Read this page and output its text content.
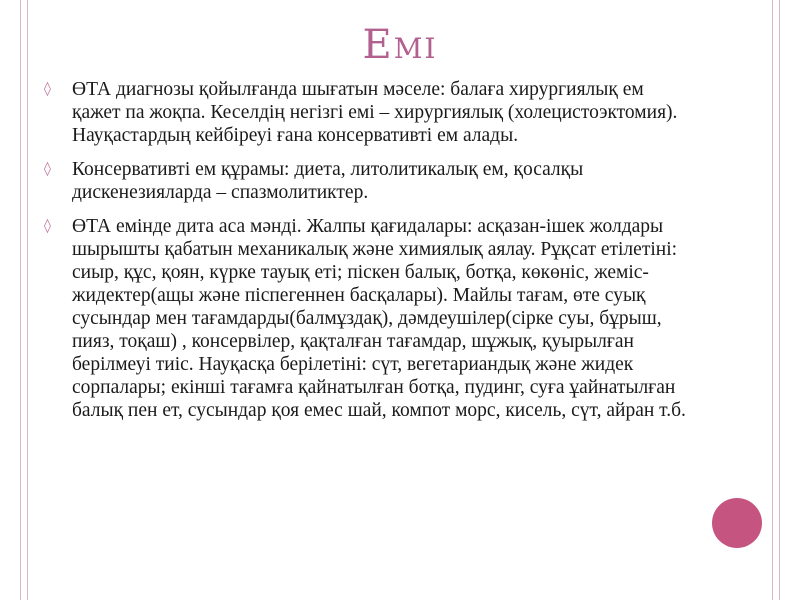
Емі
◊ ӨТА диагнозы қойылғанда шығатын мәселе: балаға хирургиялық ем қажет па жоқпа. Кеселдің негізгі емі – хирургиялық (холецистоэктомия). Науқастардың кейбіреуі ғана консервативті ем алады.
◊ Консервативті ем құрамы: диета, литолитикалық ем, қосалқы дискенезияларда – спазмолитиктер.
◊ ӨТА емінде дита аса мәнді. Жалпы қағидалары: асқазан-ішек жолдары шырышты қабатын механикалық және химиялық аялау. Рұқсат етілетіні: сиыр, құс, қоян, күрке тауық еті; піскен балық, ботқа, көкөніс, жеміс-жидектер(ащы және піспегеннен басқалары). Майлы тағам, өте суық сусындар мен тағамдарды(балмұздақ), дәмдеушілер(сірке суы, бұрыш, пияз, тоқаш) , консервілер, қақталған тағамдар, шұжық, қуырылған берілмеуі тиіс. Науқасқа берілетіні: сүт, вегетариандық және жидек сорпалары; екінші тағамға қайнатылған ботқа, пудинг, суға ұайнатылған балық пен ет, сусындар қоя емес шай, компот морс, кисель, сүт, айран т.б.
